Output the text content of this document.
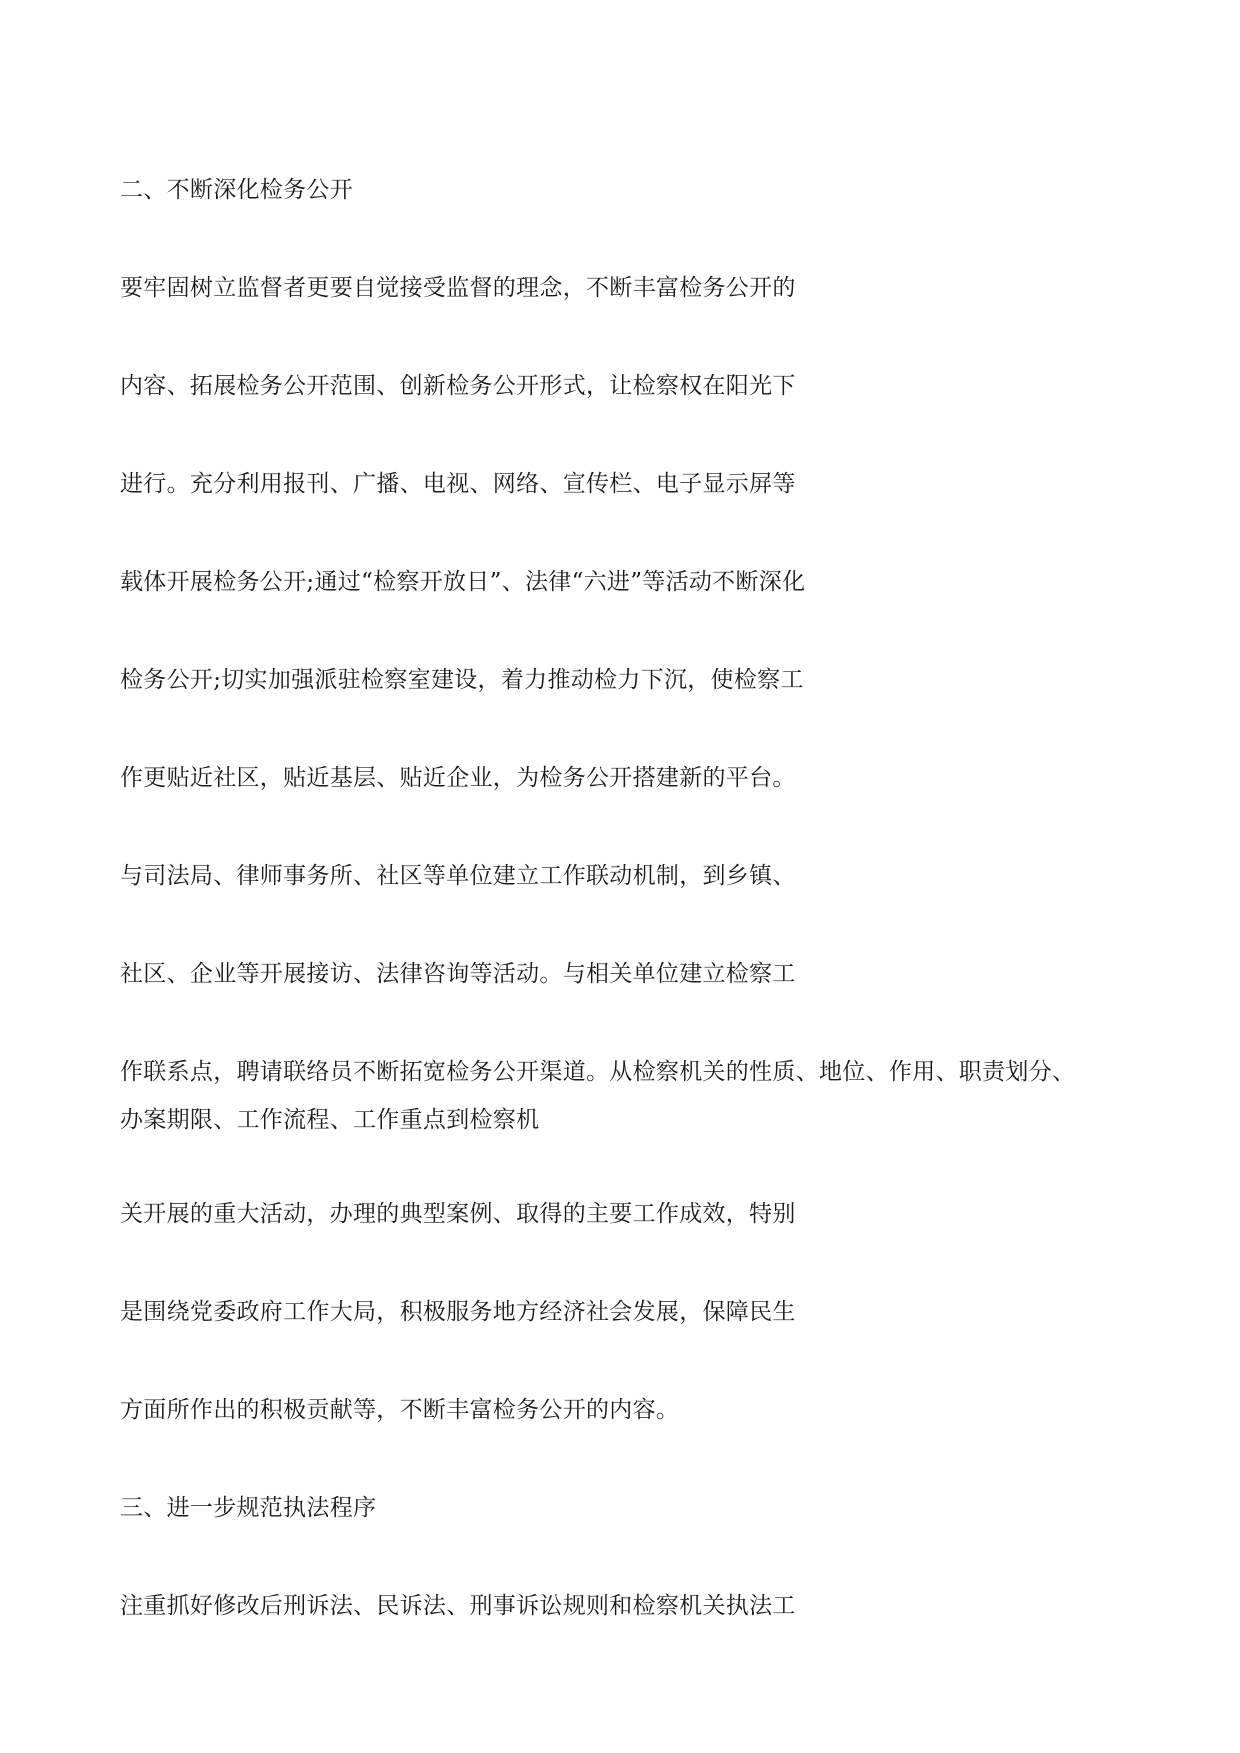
二、不断深化检务公开
要牢固树立监督者更要自觉接受监督的理念，不断丰富检务公开的
内容、拓展检务公开范围、创新检务公开形式，让检察权在阳光下
进行。充分利用报刊、广播、电视、网络、宣传栏、电子显示屏等
载体开展检务公开;通过“检察开放日”、法律“六进”等活动不断深化
检务公开;切实加强派驻检察室建设，着力推动检力下沉，使检察工
作更贴近社区，贴近基层、贴近企业，为检务公开搭建新的平台。
与司法局、律师事务所、社区等单位建立工作联动机制，到乡镇、
社区、企业等开展接访、法律咨询等活动。与相关单位建立检察工
作联系点，聘请联络员不断拓宽检务公开渠道。从检察机关的性质、地位、作用、职责划分、
办案期限、工作流程、工作重点到检察机
关开展的重大活动，办理的典型案例、取得的主要工作成效，特别
是围绕党委政府工作大局，积极服务地方经济社会发展，保障民生
方面所作出的积极贡献等，不断丰富检务公开的内容。
三、进一步规范执法程序
注重抓好修改后刑诉法、民诉法、刑事诉讼规则和检察机关执法工
